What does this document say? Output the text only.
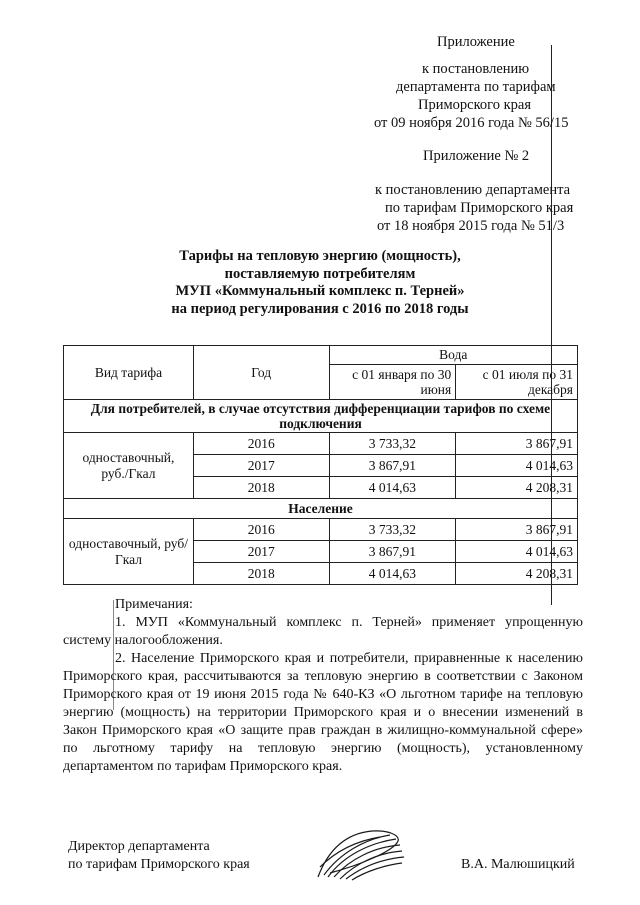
Приложение
к постановлению
департамента по тарифам
Приморского края
от 09 ноября 2016 года № 56/15
Приложение № 2
к постановлению департамента
по тарифам Приморского края
от 18 ноября 2015 года № 51/3
Тарифы на тепловую энергию (мощность),
поставляемую потребителям
МУП «Коммунальный комплекс п. Терней»
на период регулирования с 2016 по 2018 годы
Вид тарифа	Год	Вода	
		с 01 января по 30 июня	с 01 июля по 31 декабря
Для потребителей, в случае отсутствия дифференциации тарифов по схеме подключения			
одноставочный, руб./Гкал	2016	3 733,32	3 867,91
	2017	3 867,91	4 014,63
	2018	4 014,63	4 208,31
Население			
одноставочный, руб/Гкал	2016	3 733,32	3 867,91
	2017	3 867,91	4 014,63
	2018	4 014,63	4 208,31

Примечания:

1. МУП «Коммунальный комплекс п. Терней» применяет упрощенную систему налогообложения.

2. Население Приморского края и потребители, приравненные к населению Приморского края, рассчитываются за тепловую энергию в соответствии с Законом Приморского края от 19 июня 2015 года № 640-КЗ «О льготном тарифе на тепловую энергию (мощность) на территории Приморского края и о внесении изменений в Закон Приморского края «О защите прав граждан в жилищно-коммунальной сфере» по льготному тарифу на тепловую энергию (мощность), установленному департаментом по тарифам Приморского края.

Директор департамента
по тарифам Приморского края	В.А. Малюшицкий
